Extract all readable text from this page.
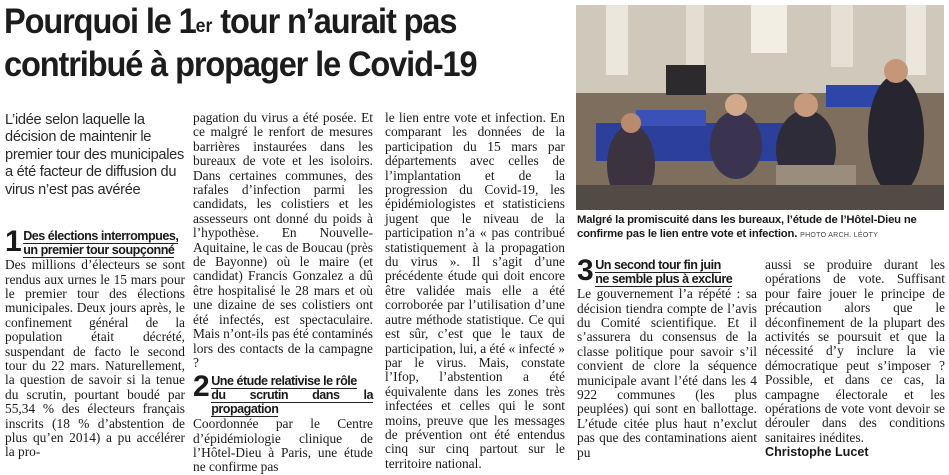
Pourquoi le 1er tour n’aurait pas
contribué à propager le Covid-19
L’idée selon laquelle la décision de maintenir le premier tour des municipales a été facteur de diffusion du virus n’est pas avérée
1 Des élections interrompues,
un premier tour soupçonné

Des millions d’électeurs se sont rendus aux urnes le 15 mars pour le premier tour des élections municipales. Deux jours après, le confinement général de la population était décrété, suspendant de facto le second tour du 22 mars. Naturellement, la question de savoir si la tenue du scrutin, pourtant boudé par 55,34 % des électeurs français inscrits (18 % d’abstention de plus qu’en 2014) a pu accélérer la pro-

pagation du virus a été posée. Et ce malgré le renfort de mesures barrières instaurées dans les bureaux de vote et les isoloirs. Dans certaines communes, des rafales d’infection parmi les candidats, les colistiers et les assesseurs ont donné du poids à l’hypothèse. En Nouvelle-Aquitaine, le cas de Boucau (près de Bayonne) où le maire (et candidat) Francis Gonzalez a dû être hospitalisé le 28 mars et où une dizaine de ses colistiers ont été infectés, est spectaculaire. Mais n’ont-ils pas été contaminés lors des contacts de la campagne ?

2 Une étude relativise le rôle
du scrutin dans la propagation

Coordonnée par le Centre d’épidémiologie clinique de l’Hôtel-Dieu à Paris, une étude ne confirme pas

le lien entre vote et infection. En comparant les données de la participation du 15 mars par départements avec celles de l’implantation et de la progression du Covid-19, les épidémiologistes et statisticiens jugent que le niveau de la participation n’a « pas contribué statistiquement à la propagation du virus ». Il s’agit d’une précédente étude qui doit encore être validée mais elle a été corroborée par l’utilisation d’une autre méthode statistique. Ce qui est sûr, c’est que le taux de participation, lui, a été « infecté » par le virus. Mais, constate l’Ifop, l’abstention a été équivalente dans les zones très infectées et celles qui le sont moins, preuve que les messages de prévention ont été entendus cinq sur cinq partout sur le territoire national.

Malgré la promiscuité dans les bureaux, l’étude de l’Hôtel-Dieu ne confirme pas le lien entre vote et infection. PHOTO ARCH. LÉOTY
3 Un second tour fin juin
ne semble plus à exclure

Le gouvernement l’a répété : sa décision tiendra compte de l’avis du Comité scientifique. Et il s’assurera du consensus de la classe politique pour savoir s’il convient de clore la séquence municipale avant l’été dans les 4 922 communes (les plus peuplées) qui sont en ballottage. L’étude citée plus haut n’exclut pas que des contaminations aient pu

aussi se produire durant les opérations de vote. Suffisant pour faire jouer le principe de précaution alors que le déconfinement de la plupart des activités se poursuit et que la nécessité d’y inclure la vie démocratique peut s’imposer ? Possible, et dans ce cas, la campagne électorale et les opérations de vote vont devoir se dérouler dans des conditions sanitaires inédites.

Christophe Lucet
